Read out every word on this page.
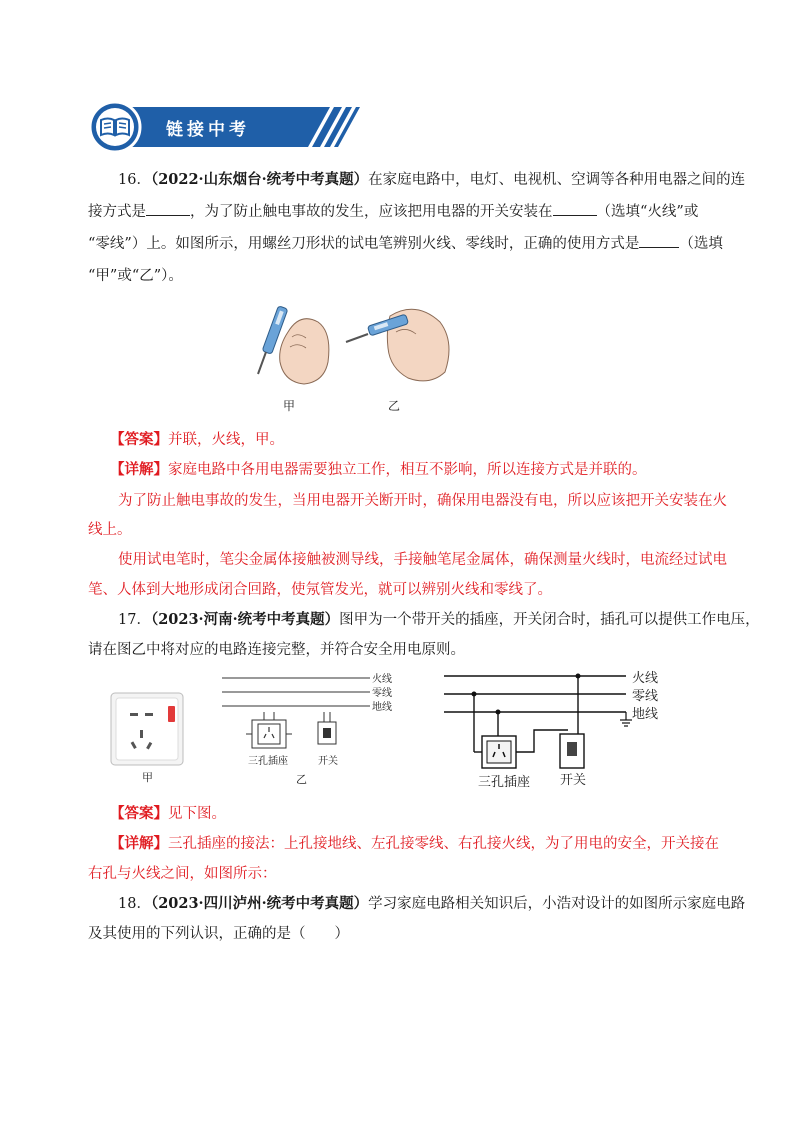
链接中考
16．（2022·山东烟台·统考中考真题）在家庭电路中，电灯、电视机、空调等各种用电器之间的连
接方式是	，为了防止触电事故的发生，应该把用电器的开关安装在	（选填“火线”或
“零线”）上。如图所示，用螺丝刀形状的试电笔辨别火线、零线时，正确的使用方式是	（选填
“甲”或“乙”）。
甲	乙
【答案】并联，火线，甲。
【详解】家庭电路中各用电器需要独立工作，相互不影响，所以连接方式是并联的。
为了防止触电事故的发生，当用电器开关断开时，确保用电器没有电，所以应该把开关安装在火
线上。
使用试电笔时，笔尖金属体接触被测导线，手接触笔尾金属体，确保测量火线时，电流经过试电
笔、人体到大地形成闭合回路，使氖管发光，就可以辨别火线和零线了。
17．（2023·河南·统考中考真题）图甲为一个带开关的插座，开关闭合时，插孔可以提供工作电压，
请在图乙中将对应的电路连接完整，并符合安全用电原则。
甲
火线
零线
地线
三孔插座	开关
乙
火线
零线
地线
三孔插座 开关
【答案】见下图。
【详解】三孔插座的接法：上孔接地线、左孔接零线、右孔接火线，为了用电的安全，开关接在
右孔与火线之间，如图所示：
18．（2023·四川泸州·统考中考真题）学习家庭电路相关知识后，小浩对设计的如图所示家庭电路
及其使用的下列认识，正确的是（　　）
